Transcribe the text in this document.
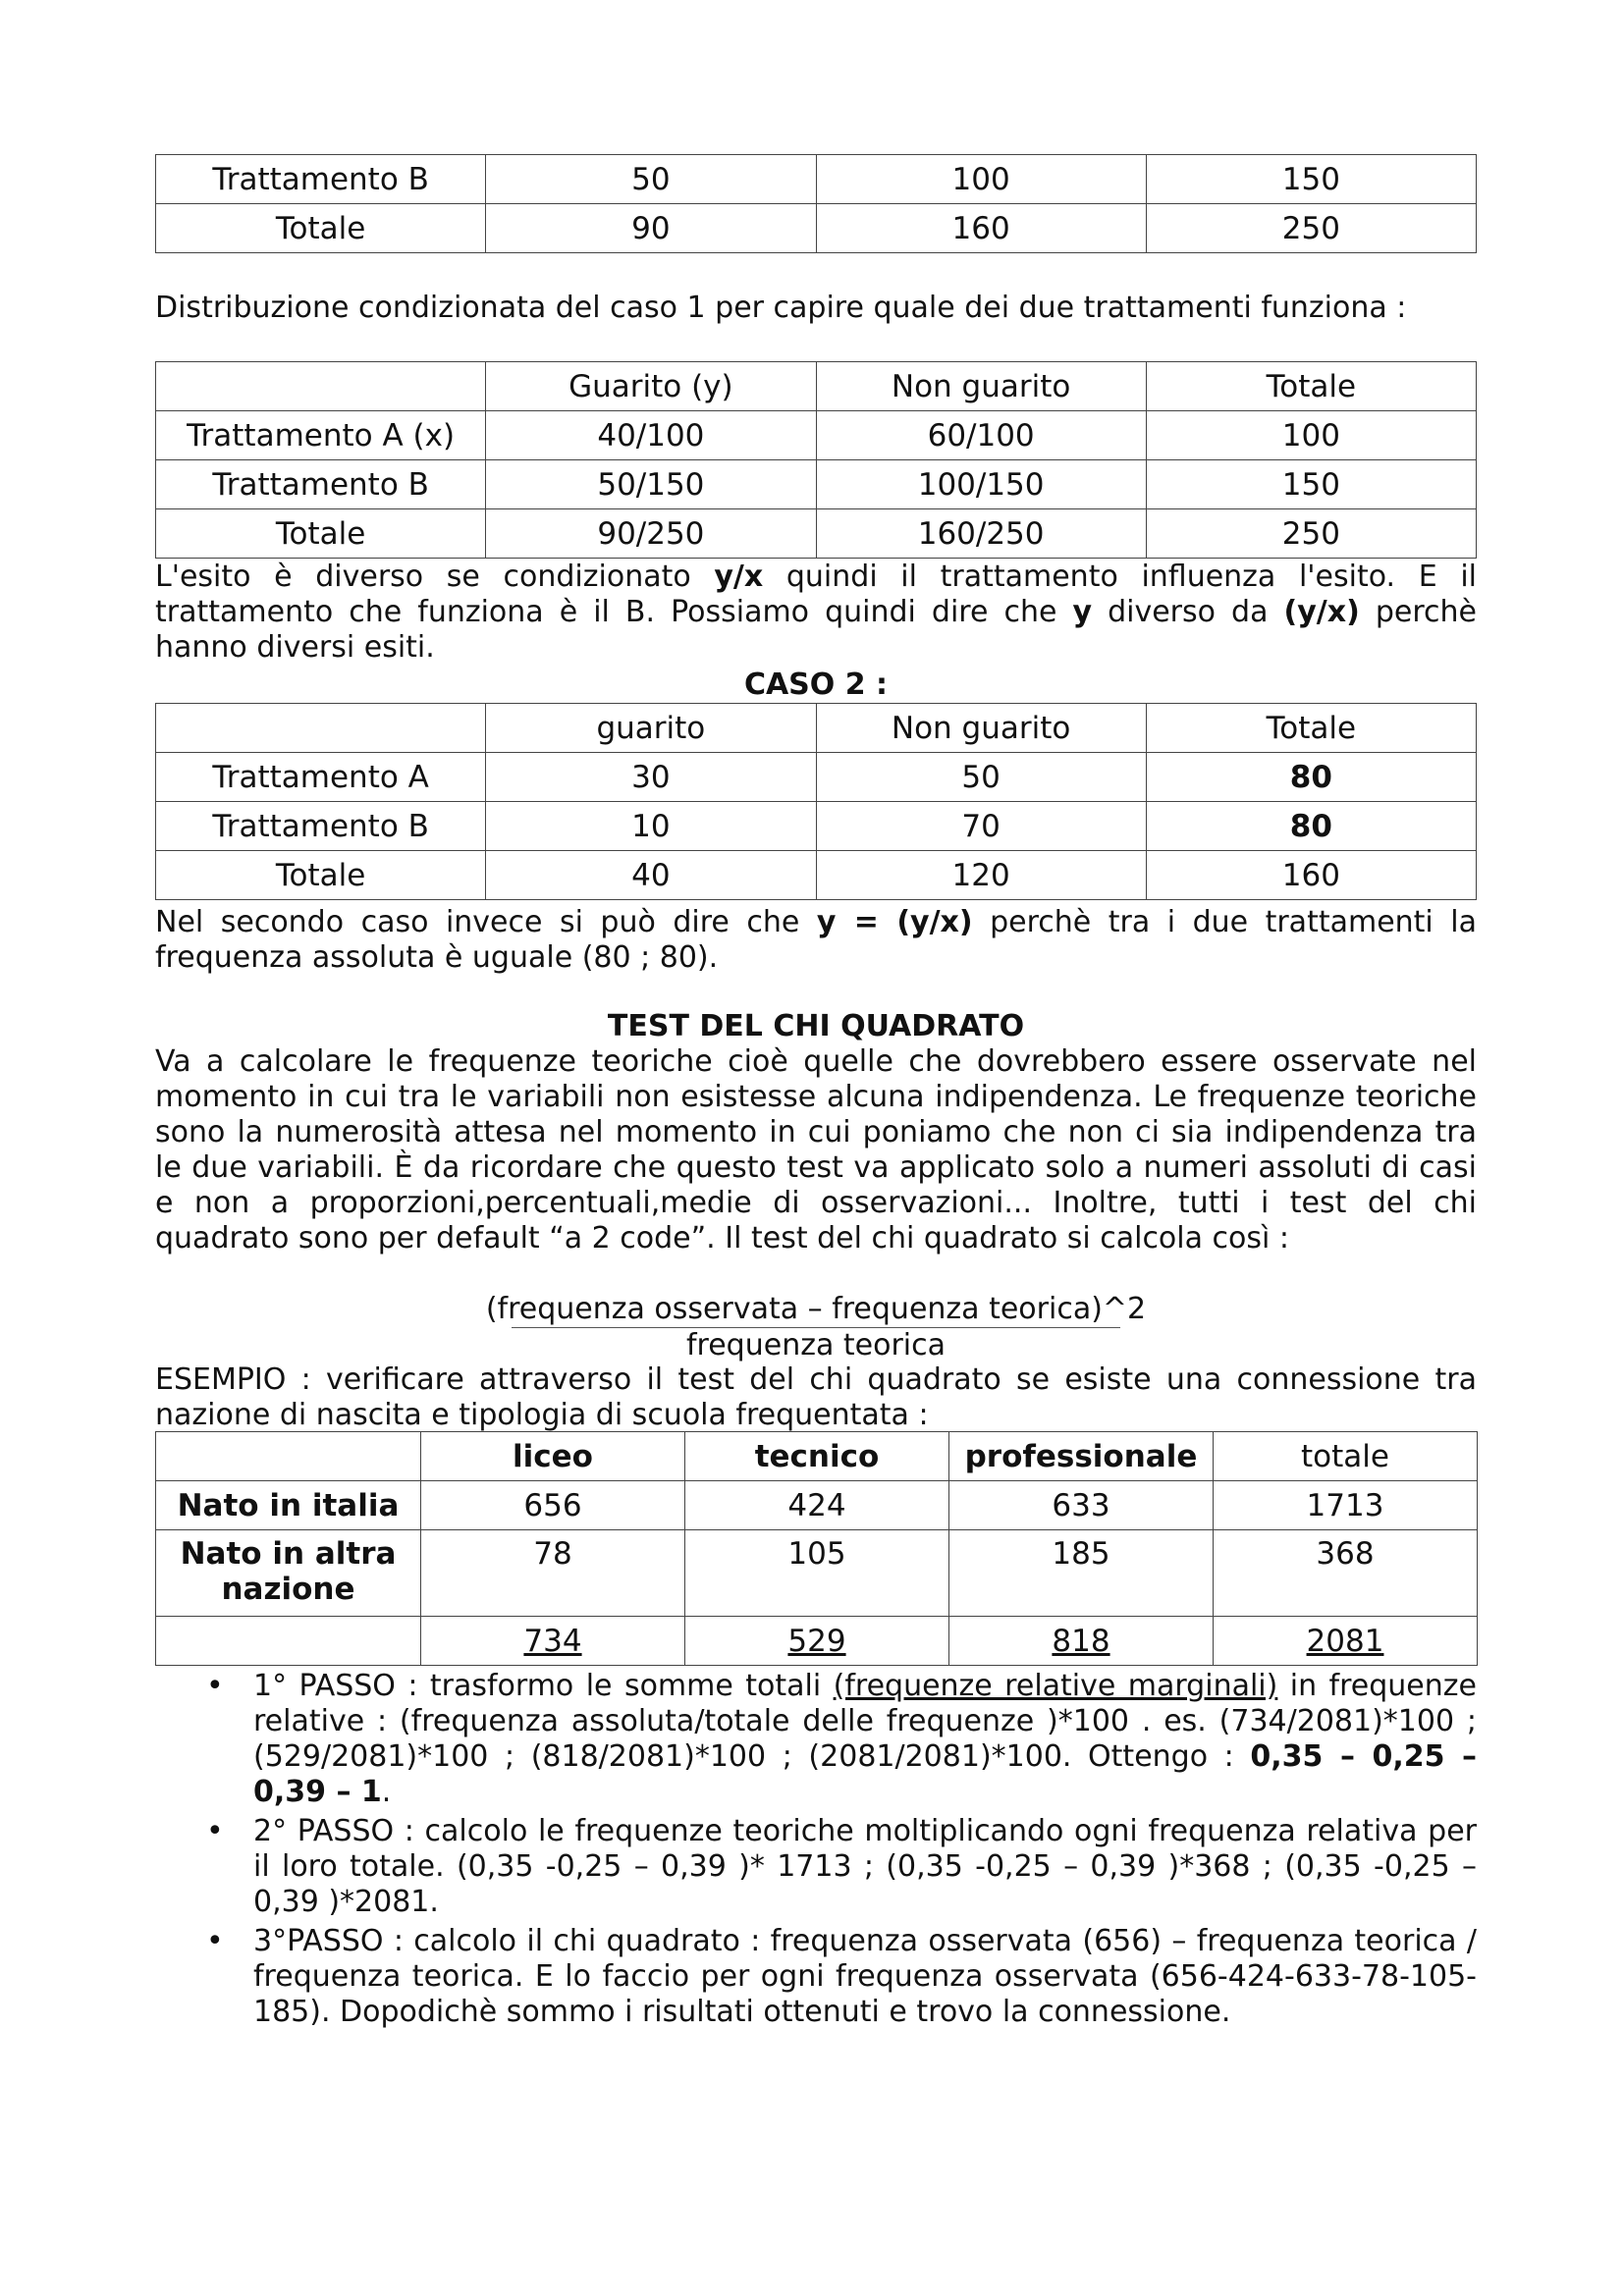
Trattamento B	50	100	150
Totale	90	160	250

Distribuzione condizionata del caso 1 per capire quale dei due trattamenti funziona :

	Guarito (y)	Non guarito	Totale
Trattamento A (x)	40/100	60/100	100
Trattamento B	50/150	100/150	150
Totale	90/250	160/250	250

L'esito è diverso se condizionato y/x quindi il trattamento influenza l'esito. E il trattamento che funziona è il B. Possiamo quindi dire che y diverso da (y/x) perchè hanno diversi esiti.

CASO 2 :

	guarito	Non guarito	Totale
Trattamento A	30	50	80
Trattamento B	10	70	80
Totale	40	120	160

Nel secondo caso invece si può dire che y = (y/x) perchè tra i due trattamenti la frequenza assoluta è uguale (80 ; 80).

TEST DEL CHI QUADRATO

Va a calcolare le frequenze teoriche cioè quelle che dovrebbero essere osservate nel momento in cui tra le variabili non esistesse alcuna indipendenza. Le frequenze teoriche sono la numerosità attesa nel momento in cui poniamo che non ci sia indipendenza tra le due variabili. È da ricordare che questo test va applicato solo a numeri assoluti di casi e non a proporzioni,percentuali,medie di osservazioni... Inoltre, tutti i test del chi quadrato sono per default “a 2 code”. Il test del chi quadrato si calcola così :

(frequenza osservata – frequenza teorica)^2
frequenza teorica

ESEMPIO : verificare attraverso il test del chi quadrato se esiste una connessione tra nazione di nascita e tipologia di scuola frequentata :

	liceo	tecnico	professionale	totale
Nato in italia	656	424	633	1713
Nato in altra nazione	78	105	185	368
	734	529	818	2081
• 1° PASSO : trasformo le somme totali (frequenze relative marginali) in frequenze relative : (frequenza assoluta/totale delle frequenze )*100 . es. (734/2081)*100 ; (529/2081)*100 ; (818/2081)*100 ; (2081/2081)*100. Ottengo : 0,35 – 0,25 – 0,39 – 1.
• 2° PASSO : calcolo le frequenze teoriche moltiplicando ogni frequenza relativa per il loro totale. (0,35 -0,25 – 0,39 )* 1713 ; (0,35 -0,25 – 0,39 )*368 ; (0,35 -0,25 – 0,39 )*2081.
• 3°PASSO : calcolo il chi quadrato : frequenza osservata (656) – frequenza teorica / frequenza teorica. E lo faccio per ogni frequenza osservata (656-424-633-78-105-185). Dopodichè sommo i risultati ottenuti e trovo la connessione.
